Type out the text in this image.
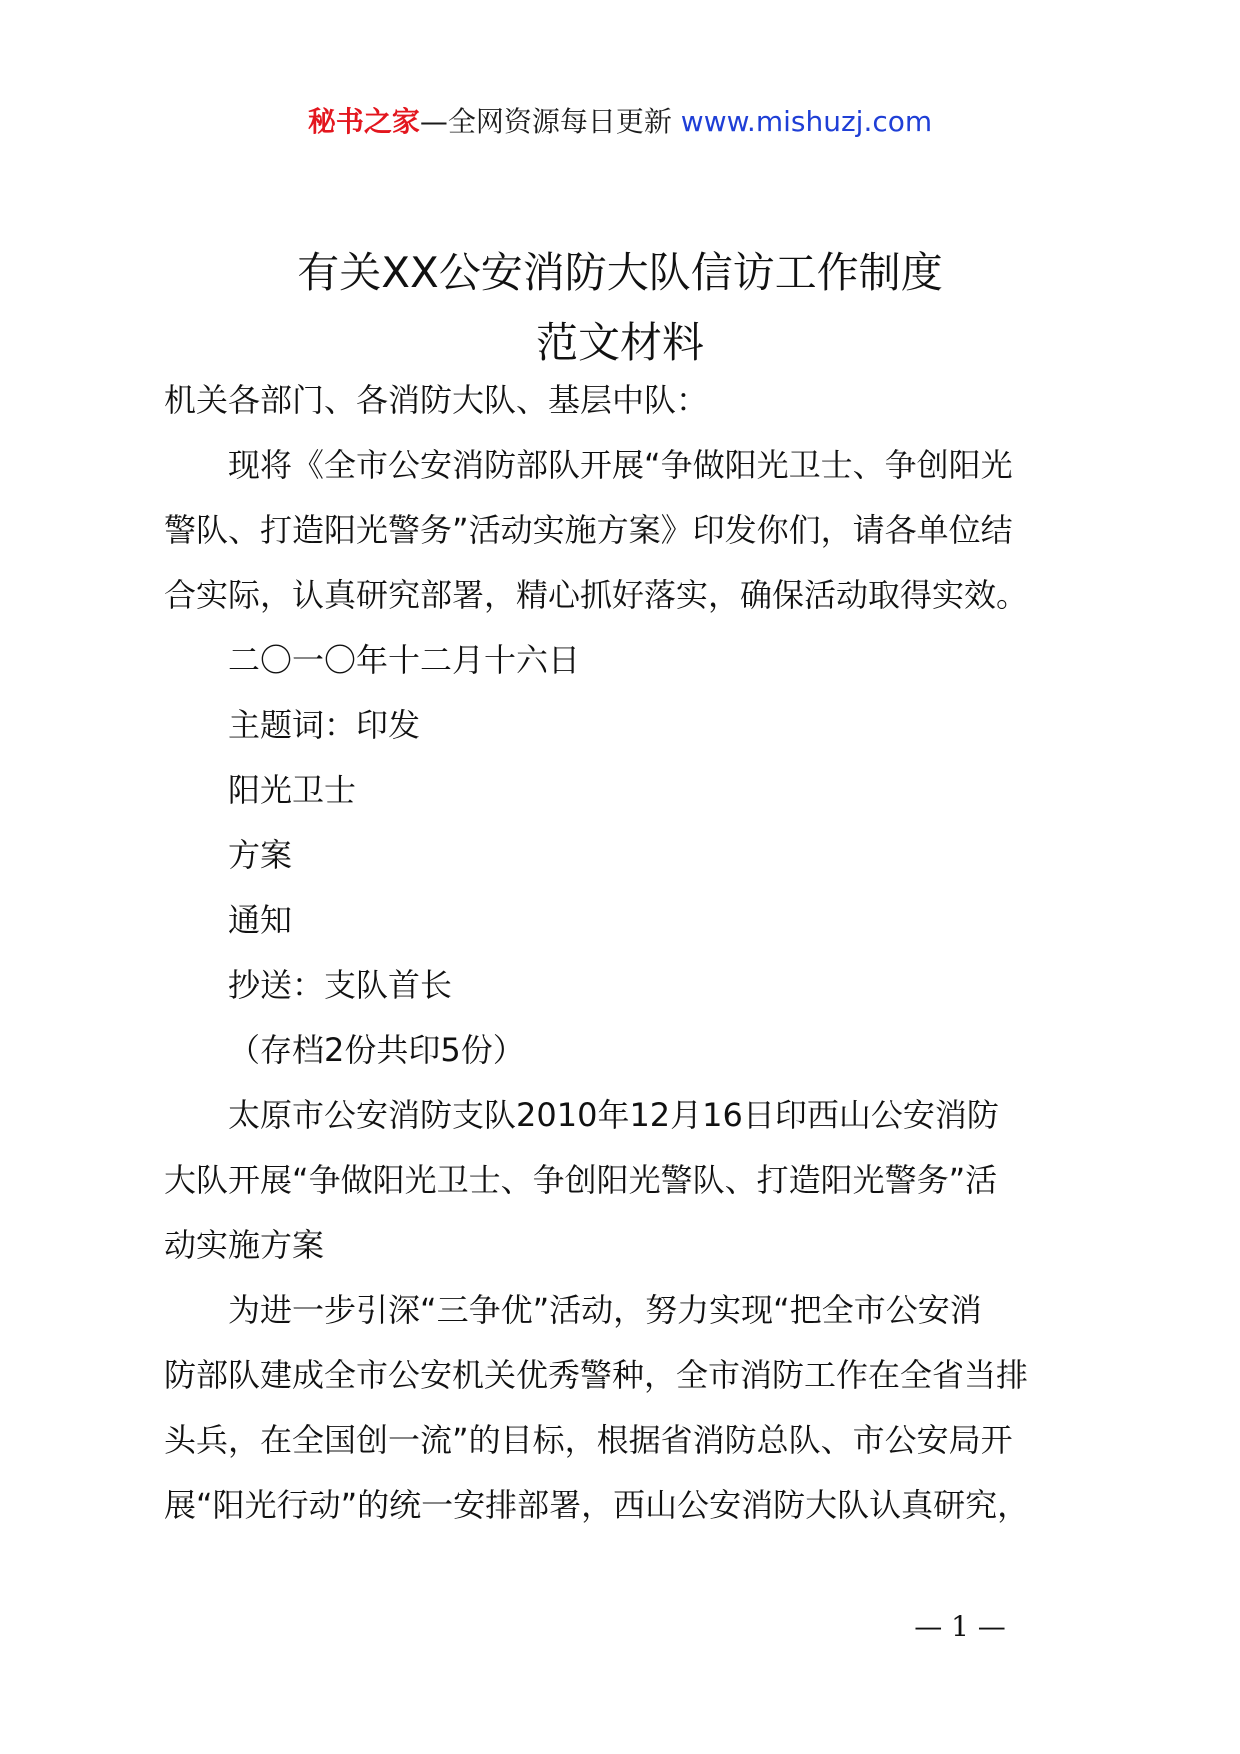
秘书之家—全网资源每日更新 www.mishuzj.com
有关XX公安消防大队信访工作制度
范文材料

机关各部门、各消防大队、基层中队：

现将《全市公安消防部队开展“争做阳光卫士、争创阳光

警队、打造阳光警务”活动实施方案》印发你们，请各单位结

合实际，认真研究部署，精心抓好落实，确保活动取得实效。

二〇一〇年十二月十六日

主题词：印发

阳光卫士

方案

通知

抄送：支队首长

（存档2份共印5份）

太原市公安消防支队2010年12月16日印西山公安消防

大队开展“争做阳光卫士、争创阳光警队、打造阳光警务”活

动实施方案

为进一步引深“三争优”活动，努力实现“把全市公安消

防部队建成全市公安机关优秀警种，全市消防工作在全省当排

头兵，在全国创一流”的目标，根据省消防总队、市公安局开

展“阳光行动”的统一安排部署，西山公安消防大队认真研究，

— 1 —
